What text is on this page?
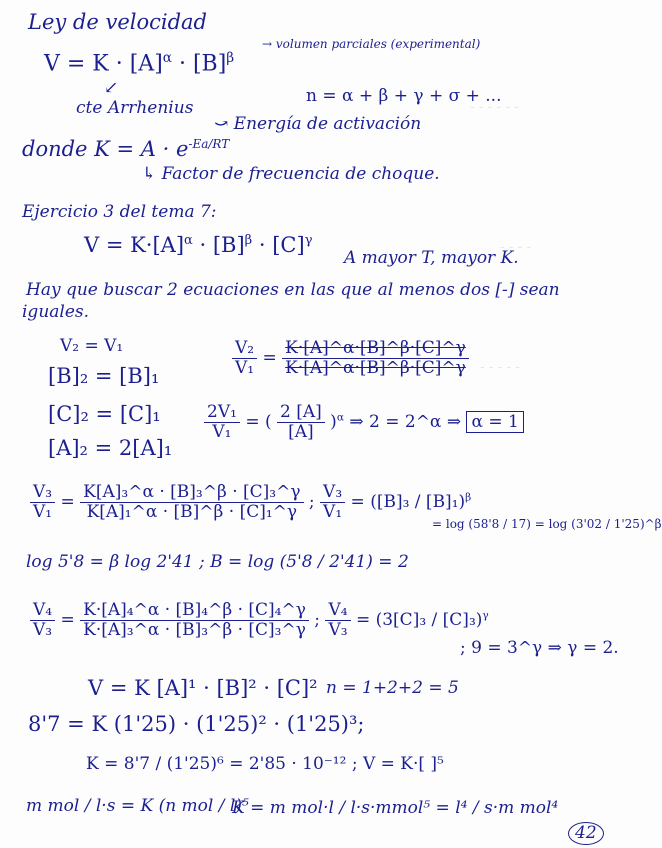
- - - - - -
- - - -
- - - - -
Ley de velocidad
$V = K \cdot [A]^\alpha \cdot [B]^\beta$
→ volumen parciales (experimental)
↙
cte Arrhenius
n = α + β + γ + σ + ...
donde $K = A \cdot e^{-Ea/RT}$
⤻ Energía de activación
↳ Factor de frecuencia de choque.
Ejercicio 3 del tema 7:
$V = K\cdot[A]^\alpha \cdot [B]^\beta \cdot [C]^\gamma$
A mayor T, mayor K.
Hay que buscar 2 ecuaciones en las que al menos dos [-] sean
iguales.
V₂ = V₁
[B]₂ = [B]₁
[C]₂ = [C]₁
[A]₂ = 2[A]₁
$\frac{\text{V₂}}{\text{V₁}} = \frac{K\cdot[A]\^{}\alpha\cdot[B]\^{}\beta\cdot[C]\^{}\gamma}{K\cdot[A]\^{}\alpha\cdot[B]\^{}\beta\cdot[C]\^{}\gamma}$
$\frac{\text{2V₁}}{\text{V₁}}$ = ( $\frac{2 [A]}{[A]} )^\alpha$ ⇒ 2 = 2^α ⇒ α = 1
$\frac{\text{V₃}}{\text{V₁}} = \frac{\text{K[A]₃\textasciicircum{}α · [B]₃\textasciicircum{}β · [C]₃\textasciicircum{}γ}}{\text{K[A]₁\textasciicircum{}α · [B]\textasciicircum{}β · [C]₁\textasciicircum{}γ}}$ ; $\frac{\text{V₃}}{\text{V₁}} = ([B]_3 / [B]_1)^\beta$
= log (58'8 / 17) = log (3'02 / 1'25)^β
log 5'8 = β log 2'41 ; B = log (5'8 / 2'41) = 2
$\frac{\text{V₄}}{\text{V₃}} = \frac{\text{K·[A]₄\textasciicircum{}α · [B]₄\textasciicircum{}β · [C]₄\textasciicircum{}γ}}{\text{K·[A]₃\textasciicircum{}α · [B]₃\textasciicircum{}β · [C]₃\textasciicircum{}γ}}$ ; $\frac{\text{V₄}}{\text{V₃}} = (3[C]_3 / [C]_3)^\gamma$
; 9 = 3^γ ⇒ γ = 2.
V = K [A]¹ · [B]² · [C]² n = 1+2+2 = 5
8'7 = K (1'25) · (1'25)² · (1'25)³;
K = 8'7 / (1'25)⁶ = 2'85 · 10⁻¹² ; V = K·[ ]⁵
m mol / l·s = K (n mol / l)⁵
K = m mol·l / l·s·mmol⁵ = l⁴ / s·m mol⁴
42
